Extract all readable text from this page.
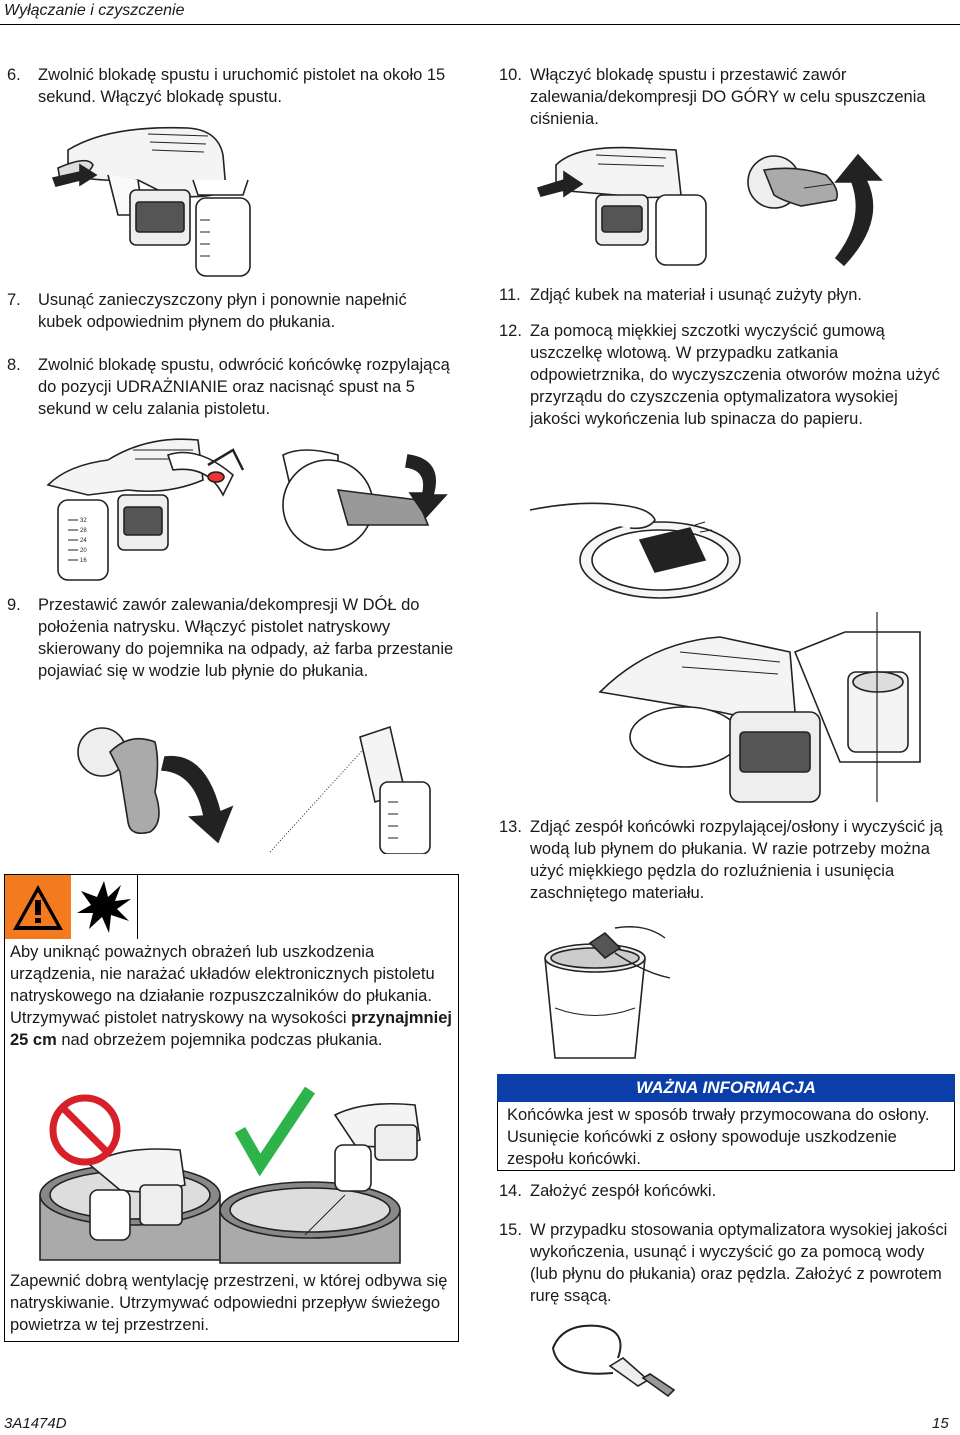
Wyłączanie i czyszczenie
6. Zwolnić blokadę spustu i uruchomić pistolet na około 15 sekund. Włączyć blokadę spustu.
10. Włączyć blokadę spustu i przestawić zawór zalewania/dekompresji DO GÓRY w celu spuszczenia ciśnienia.
7. Usunąć zanieczyszczony płyn i ponownie napełnić kubek odpowiednim płynem do płukania.
8. Zwolnić blokadę spustu, odwrócić końcówkę rozpylającą do pozycji UDRAŻNIANIE oraz nacisnąć spust na 5 sekund w celu zalania pistoletu.
32
28
24
20
16
11. Zdjąć kubek na materiał i usunąć zużyty płyn.
12. Za pomocą miękkiej szczotki wyczyścić gumową uszczelkę wlotową. W przypadku zatkania odpowietrznika, do wyczyszczenia otworów można użyć przyrządu do czyszczenia optymalizatora wysokiej jakości wykończenia lub spinacza do papieru.
9. Przestawić zawór zalewania/dekompresji W DÓŁ do położenia natrysku. Włączyć pistolet natryskowy skierowany do pojemnika na odpady, aż farba przestanie pojawiać się w wodzie lub płynie do płukania.
13. Zdjąć zespół końcówki rozpylającej/osłony i wyczyścić ją wodą lub płynem do płukania. W razie potrzeby można użyć miękkiego pędzla do rozluźnienia i usunięcia zaschniętego materiału.
Aby uniknąć poważnych obrażeń lub uszkodzenia urządzenia, nie narażać układów elektronicznych pistoletu natryskowego na działanie rozpuszczalników do płukania. Utrzymywać pistolet natryskowy na wysokości przynajmniej 25 cm nad obrzeżem pojemnika podczas płukania.
Zapewnić dobrą wentylację przestrzeni, w której odbywa się natryskiwanie. Utrzymywać odpowiedni przepływ świeżego powietrza w tej przestrzeni.
WAŻNA INFORMACJA
Końcówka jest w sposób trwały przymocowana do osłony. Usunięcie końcówki z osłony spowoduje uszkodzenie zespołu końcówki.
14. Założyć zespół końcówki.
15. W przypadku stosowania optymalizatora wysokiej jakości wykończenia, usunąć i wyczyścić go za pomocą wody (lub płynu do płukania) oraz pędzla. Założyć z powrotem rurę ssącą.
3A1474D	15
